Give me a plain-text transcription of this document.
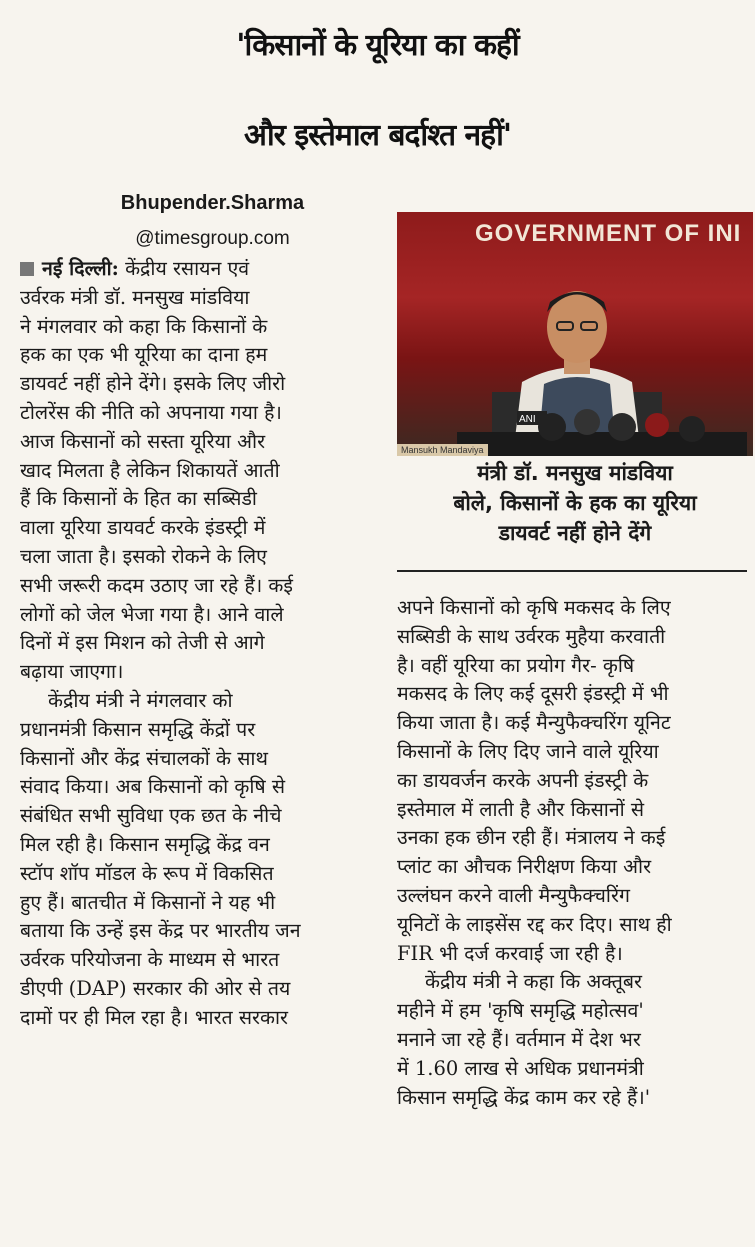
'किसानों के यूरिया का कहीं
और इस्तेमाल बर्दाश्त नहीं'
Bhupender.Sharma
@timesgroup.com	GOVERNMENT OF INI
ANI
Mansukh Mandaviya
मंत्री डॉ. मनसुख मांडविया
बोले, किसानों के हक का यूरिया
डायवर्ट नहीं होने देंगे
नई दिल्ली: केंद्रीय रसायन एवं
उर्वरक मंत्री डॉ. मनसुख मांडविया
ने मंगलवार को कहा कि किसानों के
हक का एक भी यूरिया का दाना हम
डायवर्ट नहीं होने देंगे। इसके लिए जीरो
टोलरेंस की नीति को अपनाया गया है।
आज किसानों को सस्ता यूरिया और
खाद मिलता है लेकिन शिकायतें आती
हैं कि किसानों के हित का सब्सिडी
वाला यूरिया डायवर्ट करके इंडस्ट्री में
चला जाता है। इसको रोकने के लिए
सभी जरूरी कदम उठाए जा रहे हैं। कई
लोगों को जेल भेजा गया है। आने वाले
दिनों में इस मिशन को तेजी से आगे
बढ़ाया जाएगा।
केंद्रीय मंत्री ने मंगलवार को
प्रधानमंत्री किसान समृद्धि केंद्रों पर
किसानों और केंद्र संचालकों के साथ
संवाद किया। अब किसानों को कृषि से
संबंधित सभी सुविधा एक छत के नीचे
मिल रही है। किसान समृद्धि केंद्र वन
स्टॉप शॉप मॉडल के रूप में विकसित
हुए हैं। बातचीत में किसानों ने यह भी
बताया कि उन्हें इस केंद्र पर भारतीय जन
उर्वरक परियोजना के माध्यम से भारत
डीएपी (DAP) सरकार की ओर से तय
दामों पर ही मिल रहा है। भारत सरकार
अपने किसानों को कृषि मकसद के लिए
सब्सिडी के साथ उर्वरक मुहैया करवाती
है। वहीं यूरिया का प्रयोग गैर- कृषि
मकसद के लिए कई दूसरी इंडस्ट्री में भी
किया जाता है। कई मैन्युफैक्चरिंग यूनिट
किसानों के लिए दिए जाने वाले यूरिया
का डायवर्जन करके अपनी इंडस्ट्री के
इस्तेमाल में लाती है और किसानों से
उनका हक छीन रही हैं। मंत्रालय ने कई
प्लांट का औचक निरीक्षण किया और
उल्लंघन करने वाली मैन्युफैक्चरिंग
यूनिटों के लाइसेंस रद्द कर दिए। साथ ही
FIR भी दर्ज करवाई जा रही है।
केंद्रीय मंत्री ने कहा कि अक्तूबर
महीने में हम 'कृषि समृद्धि महोत्सव'
मनाने जा रहे हैं। वर्तमान में देश भर
में 1.60 लाख से अधिक प्रधानमंत्री
किसान समृद्धि केंद्र काम कर रहे हैं।'
